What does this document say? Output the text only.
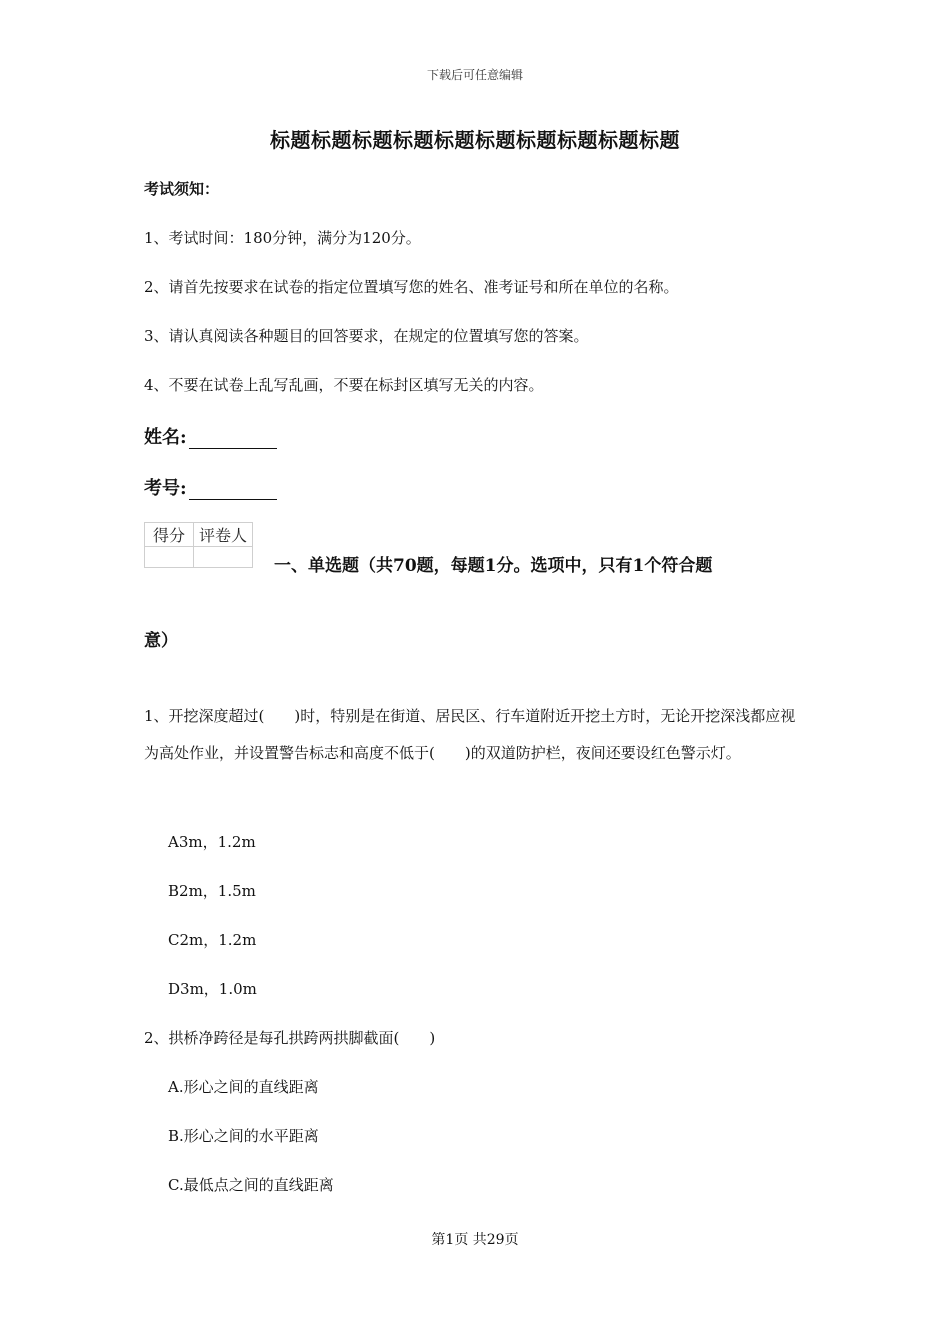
下载后可任意编辑
标题标题标题标题标题标题标题标题标题标题
考试须知：
1、考试时间：180分钟，满分为120分。
2、请首先按要求在试卷的指定位置填写您的姓名、准考证号和所在单位的名称。
3、请认真阅读各种题目的回答要求，在规定的位置填写您的答案。
4、不要在试卷上乱写乱画，不要在标封区填写无关的内容。
姓名:
考号:
得分	评卷人

一、单选题（共70题，每题1分。选项中，只有1个符合题
意）
1、开挖深度超过(　　)时，特别是在街道、居民区、行车道附近开挖土方时，无论开挖深浅都应视为高处作业，并设置警告标志和高度不低于(　　)的双道防护栏，夜间还要设红色警示灯。
A3m，1.2m
B2m，1.5m
C2m，1.2m
D3m，1.0m
2、拱桥净跨径是每孔拱跨两拱脚截面(　　)
A.形心之间的直线距离
B.形心之间的水平距离
C.最低点之间的直线距离
第1页 共29页
